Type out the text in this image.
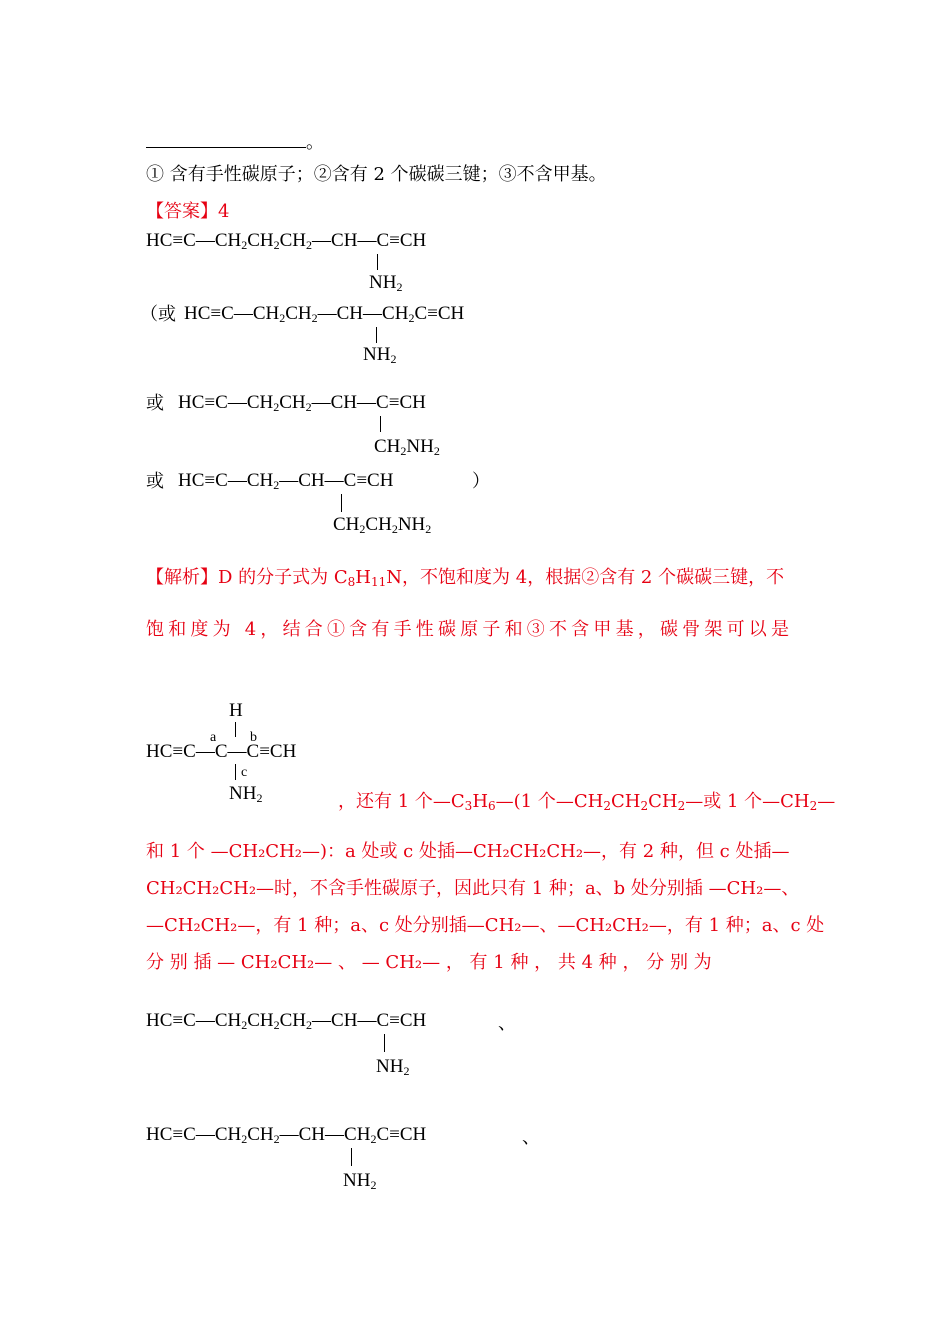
。
① 含有手性碳原子；②含有 2 个碳碳三键；③不含甲基。
【答案】4
$HC\equiv C—CH_2CH_2CH_2—CH—C\equiv CH$
$NH_2$
（或 $HC\equiv C—CH_2CH_2—CH—CH_2C\equiv CH$
$NH_2$
或 $HC\equiv C—CH_2CH_2—CH—C\equiv CH$
$CH_2NH_2$
或 $HC\equiv C—CH_2—CH—C\equiv CH$	）
$CH_2CH_2NH_2$
【解析】D 的分子式为 $C_8H_{11}N$，不饱和度为 4，根据②含有 2 个碳碳三键，不
饱和度为 4，结合①含有手性碳原子和③不含甲基，碳骨架可以是
H
a b
HC≡C—C—C≡CH
c
$NH_2$	，还有 1 个$—C_3H_6—(1$ 个$—CH_2CH_2CH_2—$或 1 个$—CH_2—$
和 1 个 —CH₂CH₂—)：a 处或 c 处插—CH₂CH₂CH₂—，有 2 种，但 c 处插—
CH₂CH₂CH₂—时，不含手性碳原子，因此只有 1 种；a、b 处分别插 —CH₂—、
—CH₂CH₂—，有 1 种；a、c 处分别插—CH₂—、—CH₂CH₂—，有 1 种；a、c 处
分 别 插 — CH₂CH₂— 、 — CH₂— ， 有 1 种 ， 共 4 种 ， 分 别 为
$HC\equiv C—CH_2CH_2CH_2—CH—C\equiv CH$	、
$NH_2$
$HC\equiv C—CH_2CH_2—CH—CH_2C\equiv CH$	、
$NH_2$
